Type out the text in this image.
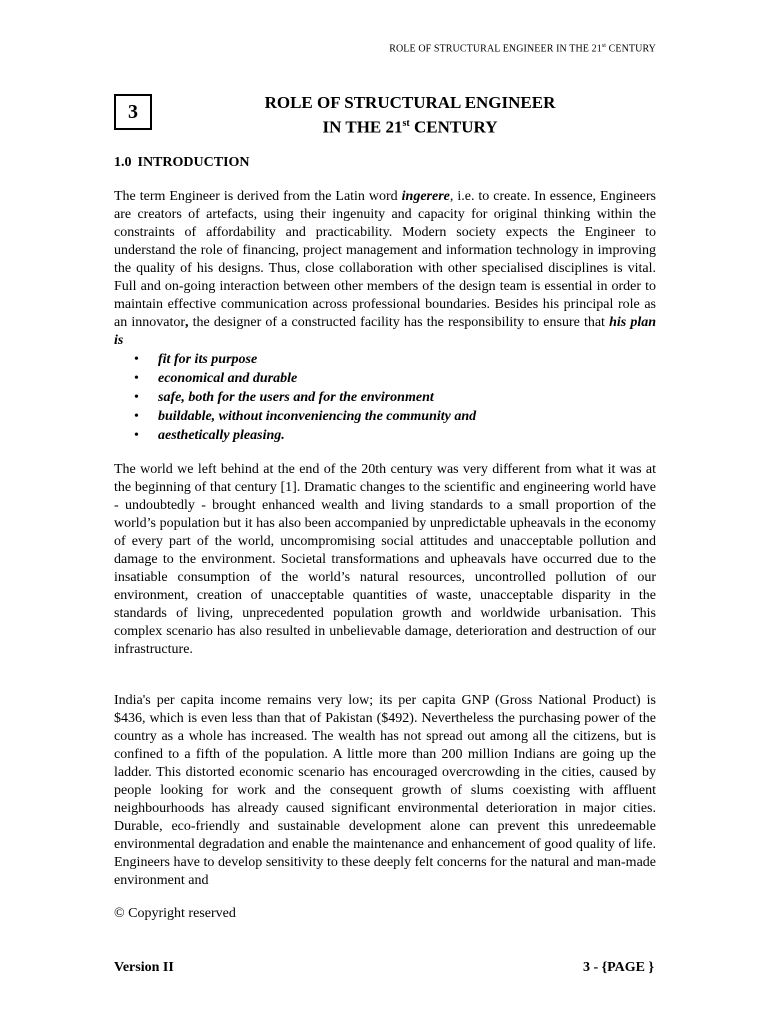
ROLE OF STRUCTURAL ENGINEER IN THE 21st CENTURY
3	ROLE OF STRUCTURAL ENGINEER
IN THE 21st CENTURY
1.0 INTRODUCTION

The term Engineer is derived from the Latin word ingerere, i.e. to create. In essence, Engineers are creators of artefacts, using their ingenuity and capacity for original thinking within the constraints of affordability and practicability. Modern society expects the Engineer to understand the role of financing, project management and information technology in improving the quality of his designs. Thus, close collaboration with other specialised disciplines is vital. Full and on-going interaction between other members of the design team is essential in order to maintain effective communication across professional boundaries. Besides his principal role as an innovator, the designer of a constructed facility has the responsibility to ensure that his plan is

• fit for its purpose
• economical and durable
• safe, both for the users and for the environment
• buildable, without inconveniencing the community and
• aesthetically pleasing.
The world we left behind at the end of the 20th century was very different from what it was at the beginning of that century [1]. Dramatic changes to the scientific and engineering world have - undoubtedly - brought enhanced wealth and living standards to a small proportion of the world’s population but it has also been accompanied by unpredictable upheavals in the economy of every part of the world, uncompromising social attitudes and unacceptable pollution and damage to the environment. Societal transformations and upheavals have occurred due to the insatiable consumption of the world’s natural resources, uncontrolled pollution of our environment, creation of unacceptable quantities of waste, unacceptable disparity in the standards of living, unprecedented population growth and worldwide urbanisation. This complex scenario has also resulted in unbelievable damage, deterioration and destruction of our infrastructure.
India's per capita income remains very low; its per capita GNP (Gross National Product) is $436, which is even less than that of Pakistan ($492). Nevertheless the purchasing power of the country as a whole has increased. The wealth has not spread out among all the citizens, but is confined to a fifth of the population. A little more than 200 million Indians are going up the ladder. This distorted economic scenario has encouraged overcrowding in the cities, caused by people looking for work and the consequent growth of slums coexisting with affluent neighbourhoods has already caused significant environmental deterioration in major cities. Durable, eco-friendly and sustainable development alone can prevent this unredeemable environmental degradation and enable the maintenance and enhancement of good quality of life. Engineers have to develop sensitivity to these deeply felt concerns for the natural and man-made environment and
© Copyright reserved
Version II	3 - {PAGE }
